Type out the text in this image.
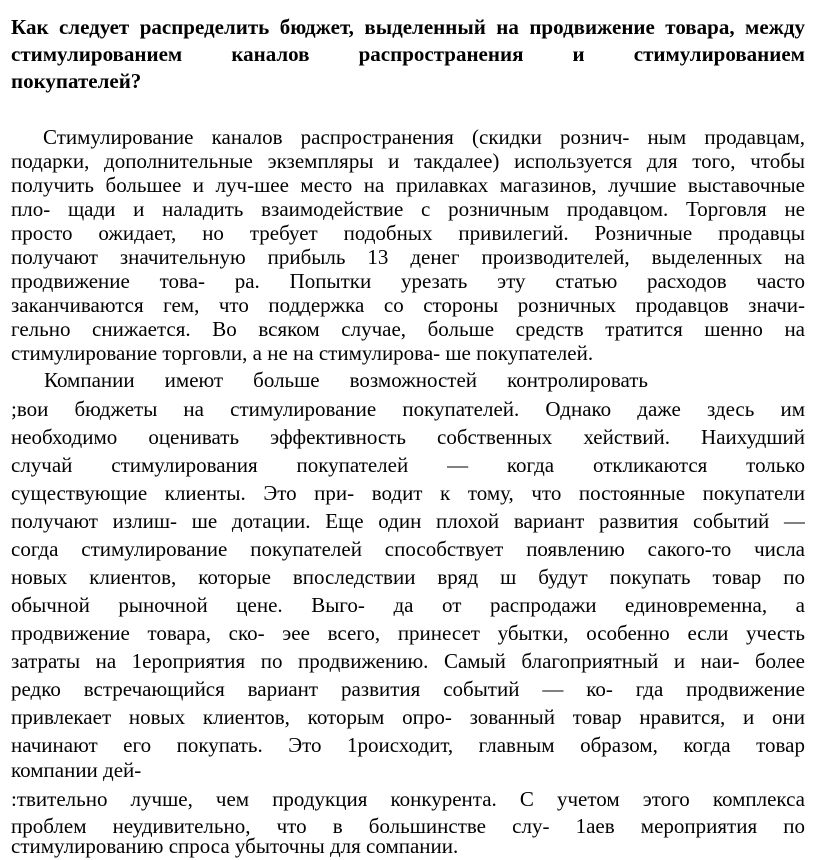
Как следует распределить бюджет, выделенный на продвижение товара, между
стимулированием каналов распространения и стимулированием
покупателей?

Стимулирование каналов распространения (скидки рознич- ным продавцам,

подарки, дополнительные экземпляры и такдалее) используется для того, чтобы

получить большее и луч-шее место на прилавках магазинов, лучшие выставочные

пло- щади и наладить взаимодействие с розничным продавцом. Торговля не

просто ожидает, но требует подобных привилегий. Розничные продавцы

получают значительную прибыль 13 денег производителей, выделенных на

продвижение това- ра. Попытки урезать эту статью расходов часто

заканчиваются гем, что поддержка со стороны розничных продавцов значи-

гельно снижается. Во всяком случае, больше средств тратится шенно на

стимулирование торговли, а не на стимулирова- ше покупателей.

Компании имеют больше возможностей контролировать

;вои бюджеты на стимулирование покупателей. Однако даже здесь им

необходимо оценивать эффективность собственных хействий. Наихудший

случай стимулирования покупателей — когда откликаются только

существующие клиенты. Это при- водит к тому, что постоянные покупатели

получают излиш- ше дотации. Еще один плохой вариант развития событий —

согда стимулирование покупателей способствует появлению сакого-то числа

новых клиентов, которые впоследствии вряд ш будут покупать товар по

обычной рыночной цене. Выго- да от распродажи единовременна, а

продвижение товара, ско- эее всего, принесет убытки, особенно если учесть

затраты на 1ероприятия по продвижению. Самый благоприятный и наи- более

редко встречающийся вариант развития событий — ко- гда продвижение

привлекает новых клиентов, которым опро- зованный товар нравится, и они

начинают его покупать. Это 1роисходит, главным образом, когда товар

компании дей-

:твительно лучше, чем продукция конкурента. С учетом этого комплекса

проблем неудивительно, что в большинстве слу- 1аев мероприятия по

стимулированию спроса убыточны для сомпании.
